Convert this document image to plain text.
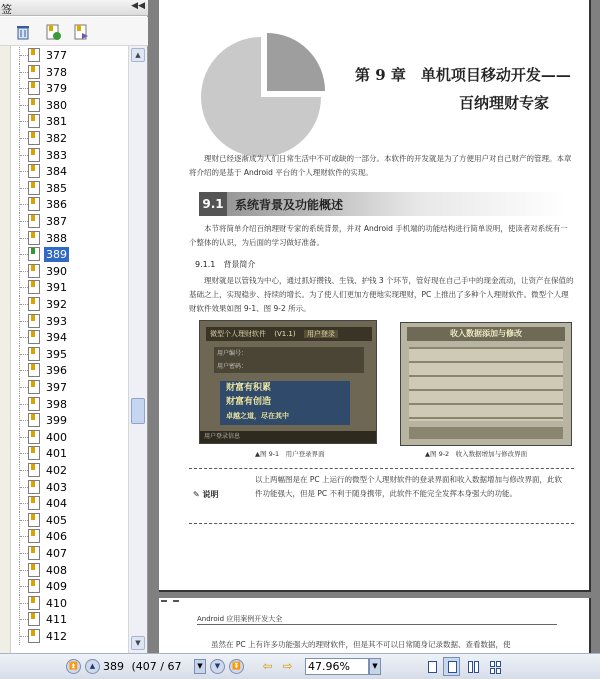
签	◀◀
377
378
379
380
381
382
383
384
385
386
387
388
389
390
391
392
393
394
395
396
397
398
399
400
401
402
403
404
405
406
407
408
409
410
411
412
▲
▼
第 9 章　单机项目移动开发——
百纳理财专家
理财已经逐渐成为人们日常生活中不可或缺的一部分。本软件的开发就是为了方便用户对自己财产的管理。本章将介绍的是基于 Android 平台的个人理财软件的实现。
9.1 系统背景及功能概述
本节将简单介绍百纳理财专家的系统背景，并对 Android 手机端的功能结构进行简单说明，使读者对系统有一个整体的认识，为后面的学习做好准备。
9.1.1　背景简介
理财就是以管钱为中心，通过抓好攒钱、生钱、护钱 3 个环节，管好现在自己手中的现金流动，让资产在保值的基础之上，实现稳步、持续的增长。为了使人们更加方便地实现理财，PC 上推出了多种个人理财软件。微型个人理财软件效果如图 9-1、图 9-2 所示。
微型个人理财软件 (V1.1) 用户登录
用户编号：
用户密码：
财富有积累
财富有创造
卓越之道，尽在其中
用户登录信息
▲图 9-1　用户登录界面
收入数据添加与修改
▲图 9-2　收入数据增加与修改界面
✎ 说明
以上两幅图是在 PC 上运行的微型个人理财软件的登录界面和收入数据增加与修改界面，此软件功能强大，但是 PC 不利于随身携带，此软件不能完全发挥本身强大的功能。
Android 应用案例开发大全
虽然在 PC 上有许多功能强大的理财软件，但是其不可以日常随身记录数据、查看数据，使
⏫	▲ 389 (407 / 67	▼	▼	⏬ ⇦ ⇨	47.96%	▼
